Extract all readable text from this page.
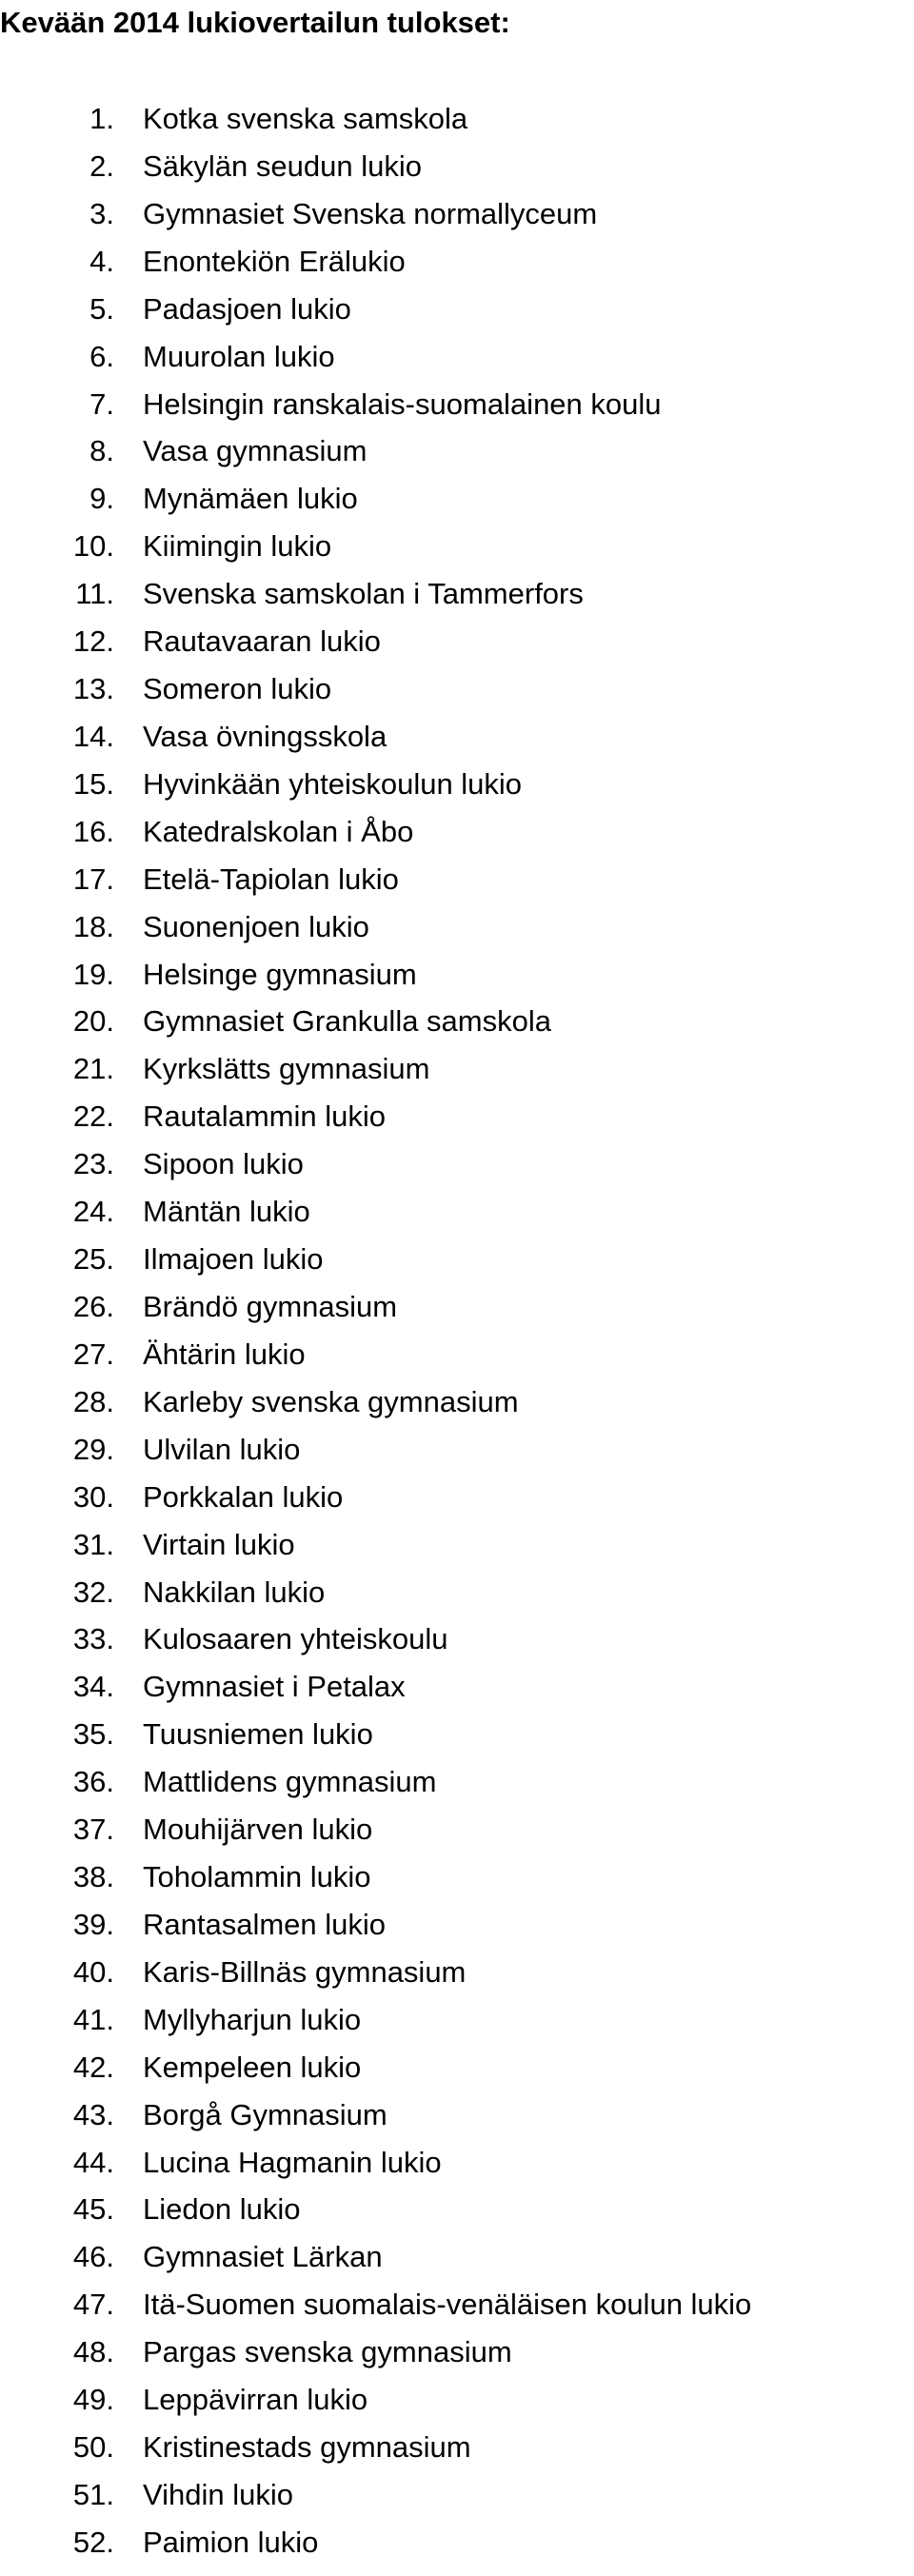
Kevään 2014 lukiovertailun tulokset:
1. Kotka svenska samskola
2. Säkylän seudun lukio
3. Gymnasiet Svenska normallyceum
4. Enontekiön Erälukio
5. Padasjoen lukio
6. Muurolan lukio
7. Helsingin ranskalais-suomalainen koulu
8. Vasa gymnasium
9. Mynämäen lukio
10. Kiimingin lukio
11. Svenska samskolan i Tammerfors
12. Rautavaaran lukio
13. Someron lukio
14. Vasa övningsskola
15. Hyvinkään yhteiskoulun lukio
16. Katedralskolan i Åbo
17. Etelä-Tapiolan lukio
18. Suonenjoen lukio
19. Helsinge gymnasium
20. Gymnasiet Grankulla samskola
21. Kyrkslätts gymnasium
22. Rautalammin lukio
23. Sipoon lukio
24. Mäntän lukio
25. Ilmajoen lukio
26. Brändö gymnasium
27. Ähtärin lukio
28. Karleby svenska gymnasium
29. Ulvilan lukio
30. Porkkalan lukio
31. Virtain lukio
32. Nakkilan lukio
33. Kulosaaren yhteiskoulu
34. Gymnasiet i Petalax
35. Tuusniemen lukio
36. Mattlidens gymnasium
37. Mouhijärven lukio
38. Toholammin lukio
39. Rantasalmen lukio
40. Karis-Billnäs gymnasium
41. Myllyharjun lukio
42. Kempeleen lukio
43. Borgå Gymnasium
44. Lucina Hagmanin lukio
45. Liedon lukio
46. Gymnasiet Lärkan
47. Itä-Suomen suomalais-venäläisen koulun lukio
48. Pargas svenska gymnasium
49. Leppävirran lukio
50. Kristinestads gymnasium
51. Vihdin lukio
52. Paimion lukio
